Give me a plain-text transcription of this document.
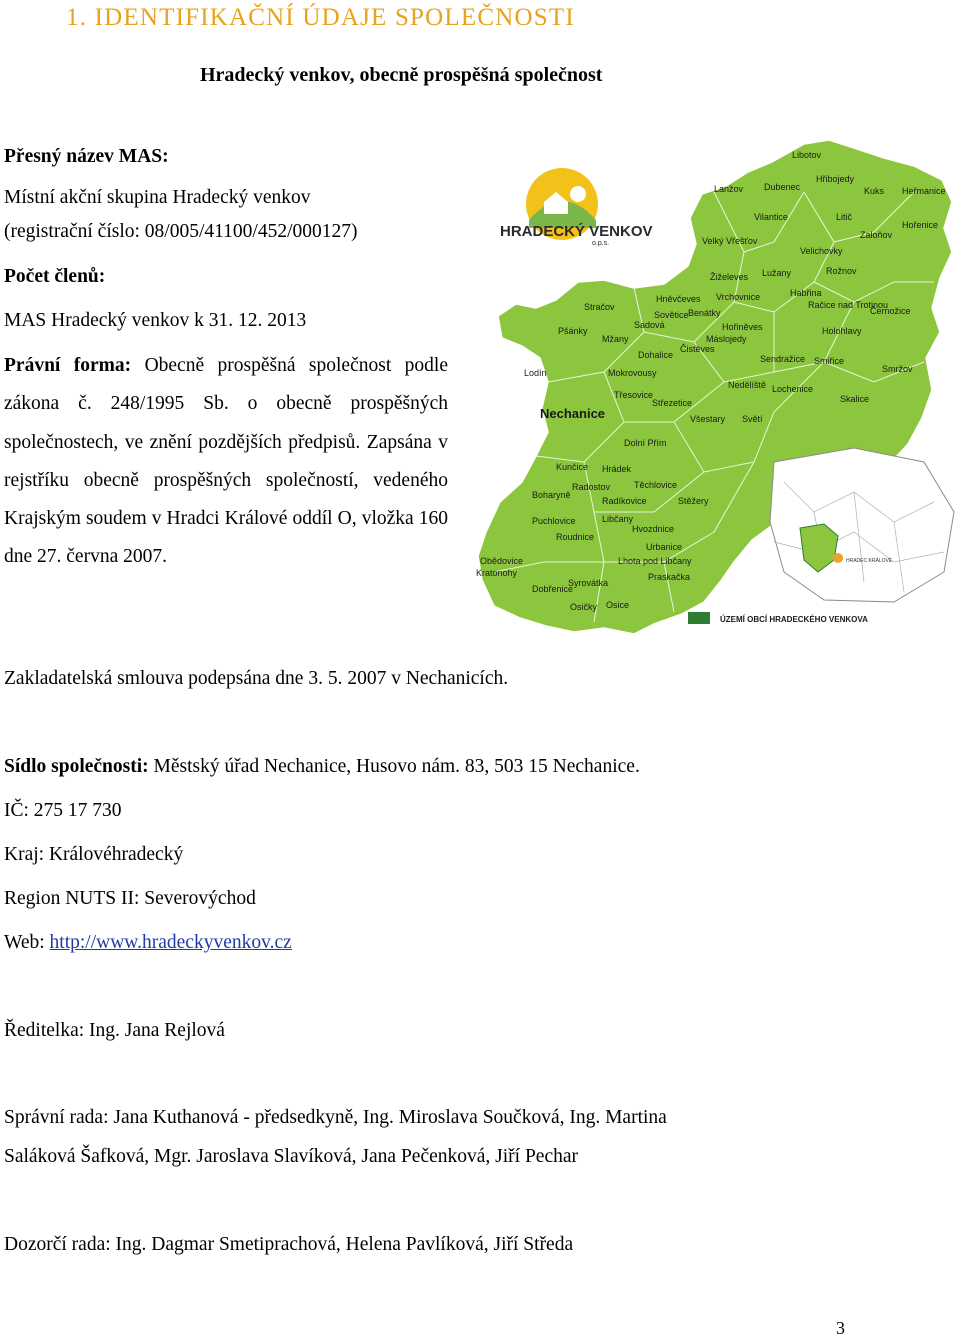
1. IDENTIFIKAČNÍ ÚDAJE SPOLEČNOSTI
Hradecký venkov, obecně prospěšná společnost
Přesný název MAS:
Místní akční skupina Hradecký venkov
(registrační číslo: 08/005/41100/452/000127)
Počet členů:
MAS Hradecký venkov k 31. 12. 2013
Právní forma: Obecně prospěšná společnost podle zákona č. 248/1995 Sb. o obecně prospěšných společnostech, ve znění pozdějších předpisů. Zapsána v rejstříku obecně prospěšných společností, vedeného Krajským soudem v Hradci Králové oddíl O, vložka 160 dne 27. června 2007.
HRADECKÝ VENKOV
o.p.s.
Libotov
Hřibojedy
Lanžov Dubenec	Kuks Heřmanice
Vilantice	Litič
Zaloňov
Hořenice
Velký Vřešťov
Velichovky
Žiželeves Lužany	Rožnov
Habřina
Stračov
Hněvčeves Vrchovnice
Račice nad Trotinou
Černožice
Sovětice Benátky
Pšánky
Sadová	Hořiněves	Holohlavy
Mžany	Máslojedy
Čistěves
Dohalice	Sendražice Smiřice
Lodín	Mokrovousy	Smržov
Nedělíště Lochenice
Třesovice
Střezetice	Skalice
Všestary Světí
Dolní Přím
Kunčice Hrádek
Radostov	Těchlovice
Boharyně
Radíkovice	Stěžery
Puchlovice	Libčany
Hvozdnice
Roudnice
Urbanice
Obědovice	Lhota pod Libčany
Kratonohy	Praskačka
Syrovátka
Dobřenice
Osičky Osice
Nechanice
HRADEC KRÁLOVÉ
ÚZEMÍ OBCÍ HRADECKÉHO VENKOVA
Zakladatelská smlouva podepsána dne 3. 5. 2007 v Nechanicích.
Sídlo společnosti: Městský úřad Nechanice, Husovo nám. 83, 503 15 Nechanice.
IČ: 275 17 730
Kraj: Královéhradecký
Region NUTS II: Severovýchod
Web: http://www.hradeckyvenkov.cz
Ředitelka: Ing. Jana Rejlová
Správní rada: Jana Kuthanová - předsedkyně, Ing. Miroslava Součková, Ing. Martina
Saláková Šafková, Mgr. Jaroslava Slavíková, Jana Pečenková, Jiří Pechar
Dozorčí rada: Ing. Dagmar Smetiprachová, Helena Pavlíková, Jiří Středa
3
